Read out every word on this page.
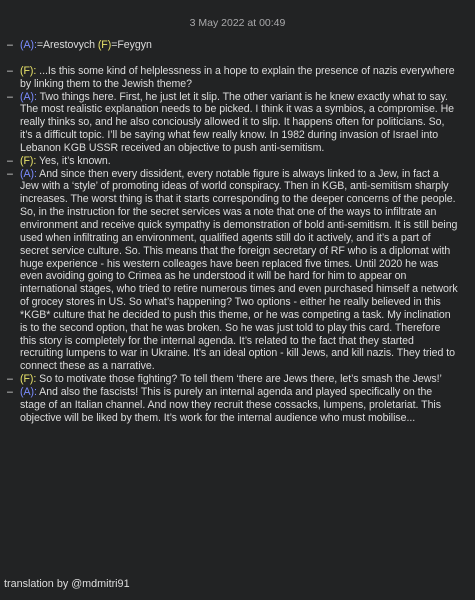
3 May 2022 at 00:49
– (A):=Arestovych (F)=Feygyn
– (F): ...Is this some kind of helplessness in a hope to explain the presence of nazis everywhere by linking them to the Jewish theme?
– (A): Two things here. First, he just let it slip. The other variant is he knew exactly what to say. The most realistic explanation needs to be picked. I think it was a symbios, a compromise. He really thinks so, and he also conciously allowed it to slip. It happens often for politicians. So, it’s a difficult topic. I’ll be saying what few really know. In 1982 during invasion of Israel into Lebanon KGB USSR received an objective to push anti-semitism.
– (F): Yes, it’s known.
– (A): And since then every dissident, every notable figure is always linked to a Jew, in fact a Jew with a ‘style’ of promoting ideas of world conspiracy. Then in KGB, anti-semitism sharply increases. The worst thing is that it starts corresponding to the deeper concerns of the people. So, in the instruction for the secret services was a note that one of the ways to infiltrate an environment and receive quick sympathy is demonstration of bold anti-semitism. It is still being used when infiltrating an environment, qualified agents still do it actively, and it’s a part of secret service culture. So. This means that the foreign secretary of RF who is a diplomat with huge experience - his western colleages have been replaced five times. Until 2020 he was even avoiding going to Crimea as he understood it will be hard for him to appear on international stages, who tried to retire numerous times and even purchased himself a network of grocey stores in US. So what’s happening? Two options - either he really believed in this *KGB* culture that he decided to push this theme, or he was competing a task. My inclination is to the second option, that he was broken. So he was just told to play this card. Therefore this story is completely for the internal agenda. It’s related to the fact that they started recruiting lumpens to war in Ukraine. It’s an ideal option - kill Jews, and kill nazis. They tried to connect these as a narrative.
– (F): So to motivate those fighting? To tell them ‘there are Jews there, let’s smash the Jews!’
– (A): And also the fascists! This is purely an internal agenda and played specifically on the stage of an Italian channel. And now they recruit these cossacks, lumpens, proletariat. This objective will be liked by them. It’s work for the internal audience who must mobilise...
translation by @mdmitri91
